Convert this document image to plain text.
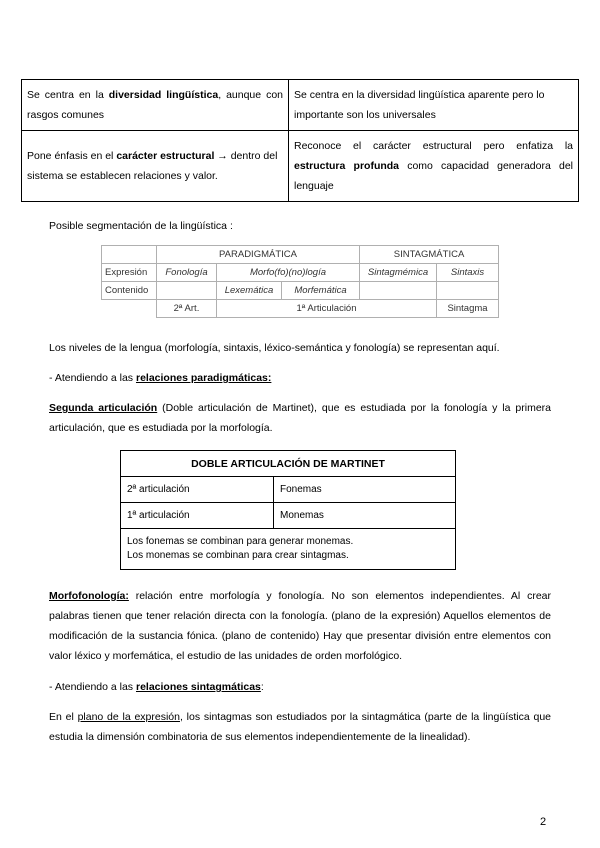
Se centra en la diversidad lingüística, aunque con rasgos comunes	Se centra en la diversidad lingüística aparente pero lo importante son los universales
Pone énfasis en el carácter estructural → dentro del sistema se establecen relaciones y valor.	Reconoce el carácter estructural pero enfatiza la estructura profunda como capacidad generadora del lenguaje

Posible segmentación de la lingüística :

	PARADIGMÁTICA			SINTAGMÁTICA	
Expresión	Fonología	Morfo(fo)(no)logía		Sintagmémica	Sintaxis
Contenido		Lexemática	Morfemática		
	2ª Art.	1ª Articulación			Sintagma

Los niveles de la lengua (morfología, sintaxis, léxico-semántica y fonología) se representan aquí.

- Atendiendo a las relaciones paradigmáticas:

Segunda articulación (Doble articulación de Martinet), que es estudiada por la fonología y la primera articulación, que es estudiada por la morfología.

DOBLE ARTICULACIÓN DE MARTINET	
2ª articulación	Fonemas
1ª articulación	Monemas

Los fonemas se combinan para generar monemas.
Los monemas se combinan para crear sintagmas.	

Morfofonología: relación entre morfología y fonología. No son elementos independientes. Al crear palabras tienen que tener relación directa con la fonología. (plano de la expresión) Aquellos elementos de modificación de la sustancia fónica. (plano de contenido) Hay que presentar división entre elementos con valor léxico y morfemática, el estudio de las unidades de orden morfológico.

- Atendiendo a las relaciones sintagmáticas:

En el plano de la expresión, los sintagmas son estudiados por la sintagmática (parte de la lingüística que estudia la dimensión combinatoria de sus elementos independientemente de la linealidad).

2
